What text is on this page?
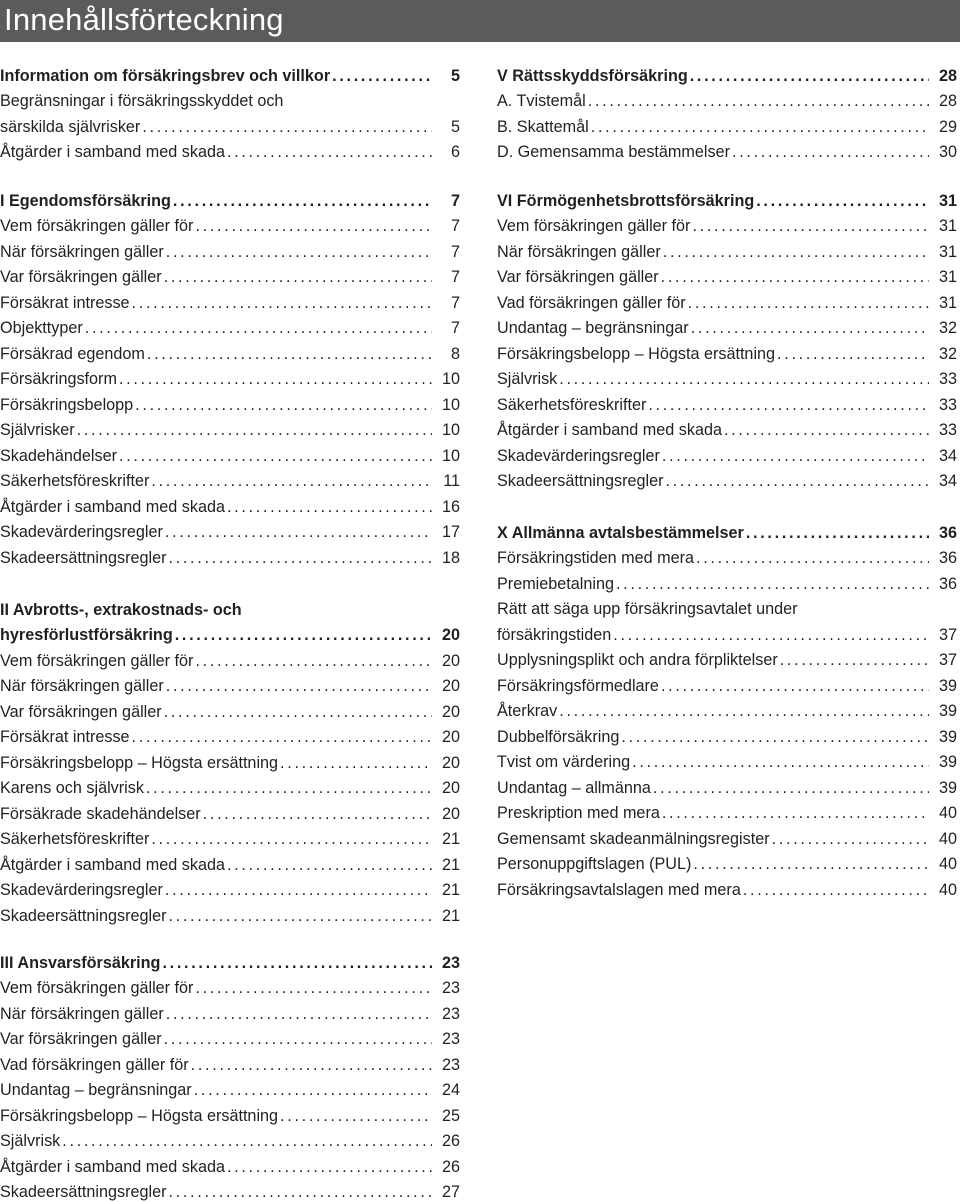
Innehållsförteckning
Information om försäkringsbrev och villkor .....	5
Begränsningar i försäkringsskyddet och
särskilda självrisker .....	5
Åtgärder i samband med skada .....	6
I Egendomsförsäkring .....	7
Vem försäkringen gäller för .....	7
När försäkringen gäller .....	7
Var försäkringen gäller .....	7
Försäkrat intresse .....	7
Objekttyper .....	7
Försäkrad egendom .....	8
Försäkringsform .....	10
Försäkringsbelopp .....	10
Självrisker .....	10
Skadehändelser .....	10
Säkerhetsföreskrifter .....	11
Åtgärder i samband med skada .....	16
Skadevärderingsregler .....	17
Skadeersättningsregler .....	18
II Avbrotts-, extrakostnads- och
hyresförlustförsäkring .....	20
Vem försäkringen gäller för .....	20
När försäkringen gäller .....	20
Var försäkringen gäller .....	20
Försäkrat intresse .....	20
Försäkringsbelopp – Högsta ersättning .....	20
Karens och självrisk .....	20
Försäkrade skadehändelser .....	20
Säkerhetsföreskrifter .....	21
Åtgärder i samband med skada .....	21
Skadevärderingsregler .....	21
Skadeersättningsregler .....	21
III Ansvarsförsäkring .....	23
Vem försäkringen gäller för .....	23
När försäkringen gäller .....	23
Var försäkringen gäller .....	23
Vad försäkringen gäller för .....	23
Undantag – begränsningar .....	24
Försäkringsbelopp – Högsta ersättning .....	25
Självrisk .....	26
Åtgärder i samband med skada .....	26
Skadeersättningsregler .....	27
V Rättsskyddsförsäkring .....	28
A. Tvistemål .....	28
B. Skattemål .....	29
D. Gemensamma bestämmelser .....	30
VI Förmögenhetsbrottsförsäkring .....	31
Vem försäkringen gäller för .....	31
När försäkringen gäller .....	31
Var försäkringen gäller .....	31
Vad försäkringen gäller för .....	31
Undantag – begränsningar .....	32
Försäkringsbelopp – Högsta ersättning .....	32
Självrisk .....	33
Säkerhetsföreskrifter .....	33
Åtgärder i samband med skada .....	33
Skadevärderingsregler .....	34
Skadeersättningsregler .....	34
X Allmänna avtalsbestämmelser .....	36
Försäkringstiden med mera .....	36
Premiebetalning .....	36
Rätt att säga upp försäkringsavtalet under
försäkringstiden .....	37
Upplysningsplikt och andra förpliktelser .....	37
Försäkringsförmedlare .....	39
Återkrav .....	39
Dubbelförsäkring .....	39
Tvist om värdering .....	39
Undantag – allmänna .....	39
Preskription med mera .....	40
Gemensamt skadeanmälningsregister .....	40
Personuppgiftslagen (PUL) .....	40
Försäkringsavtalslagen med mera .....	40
